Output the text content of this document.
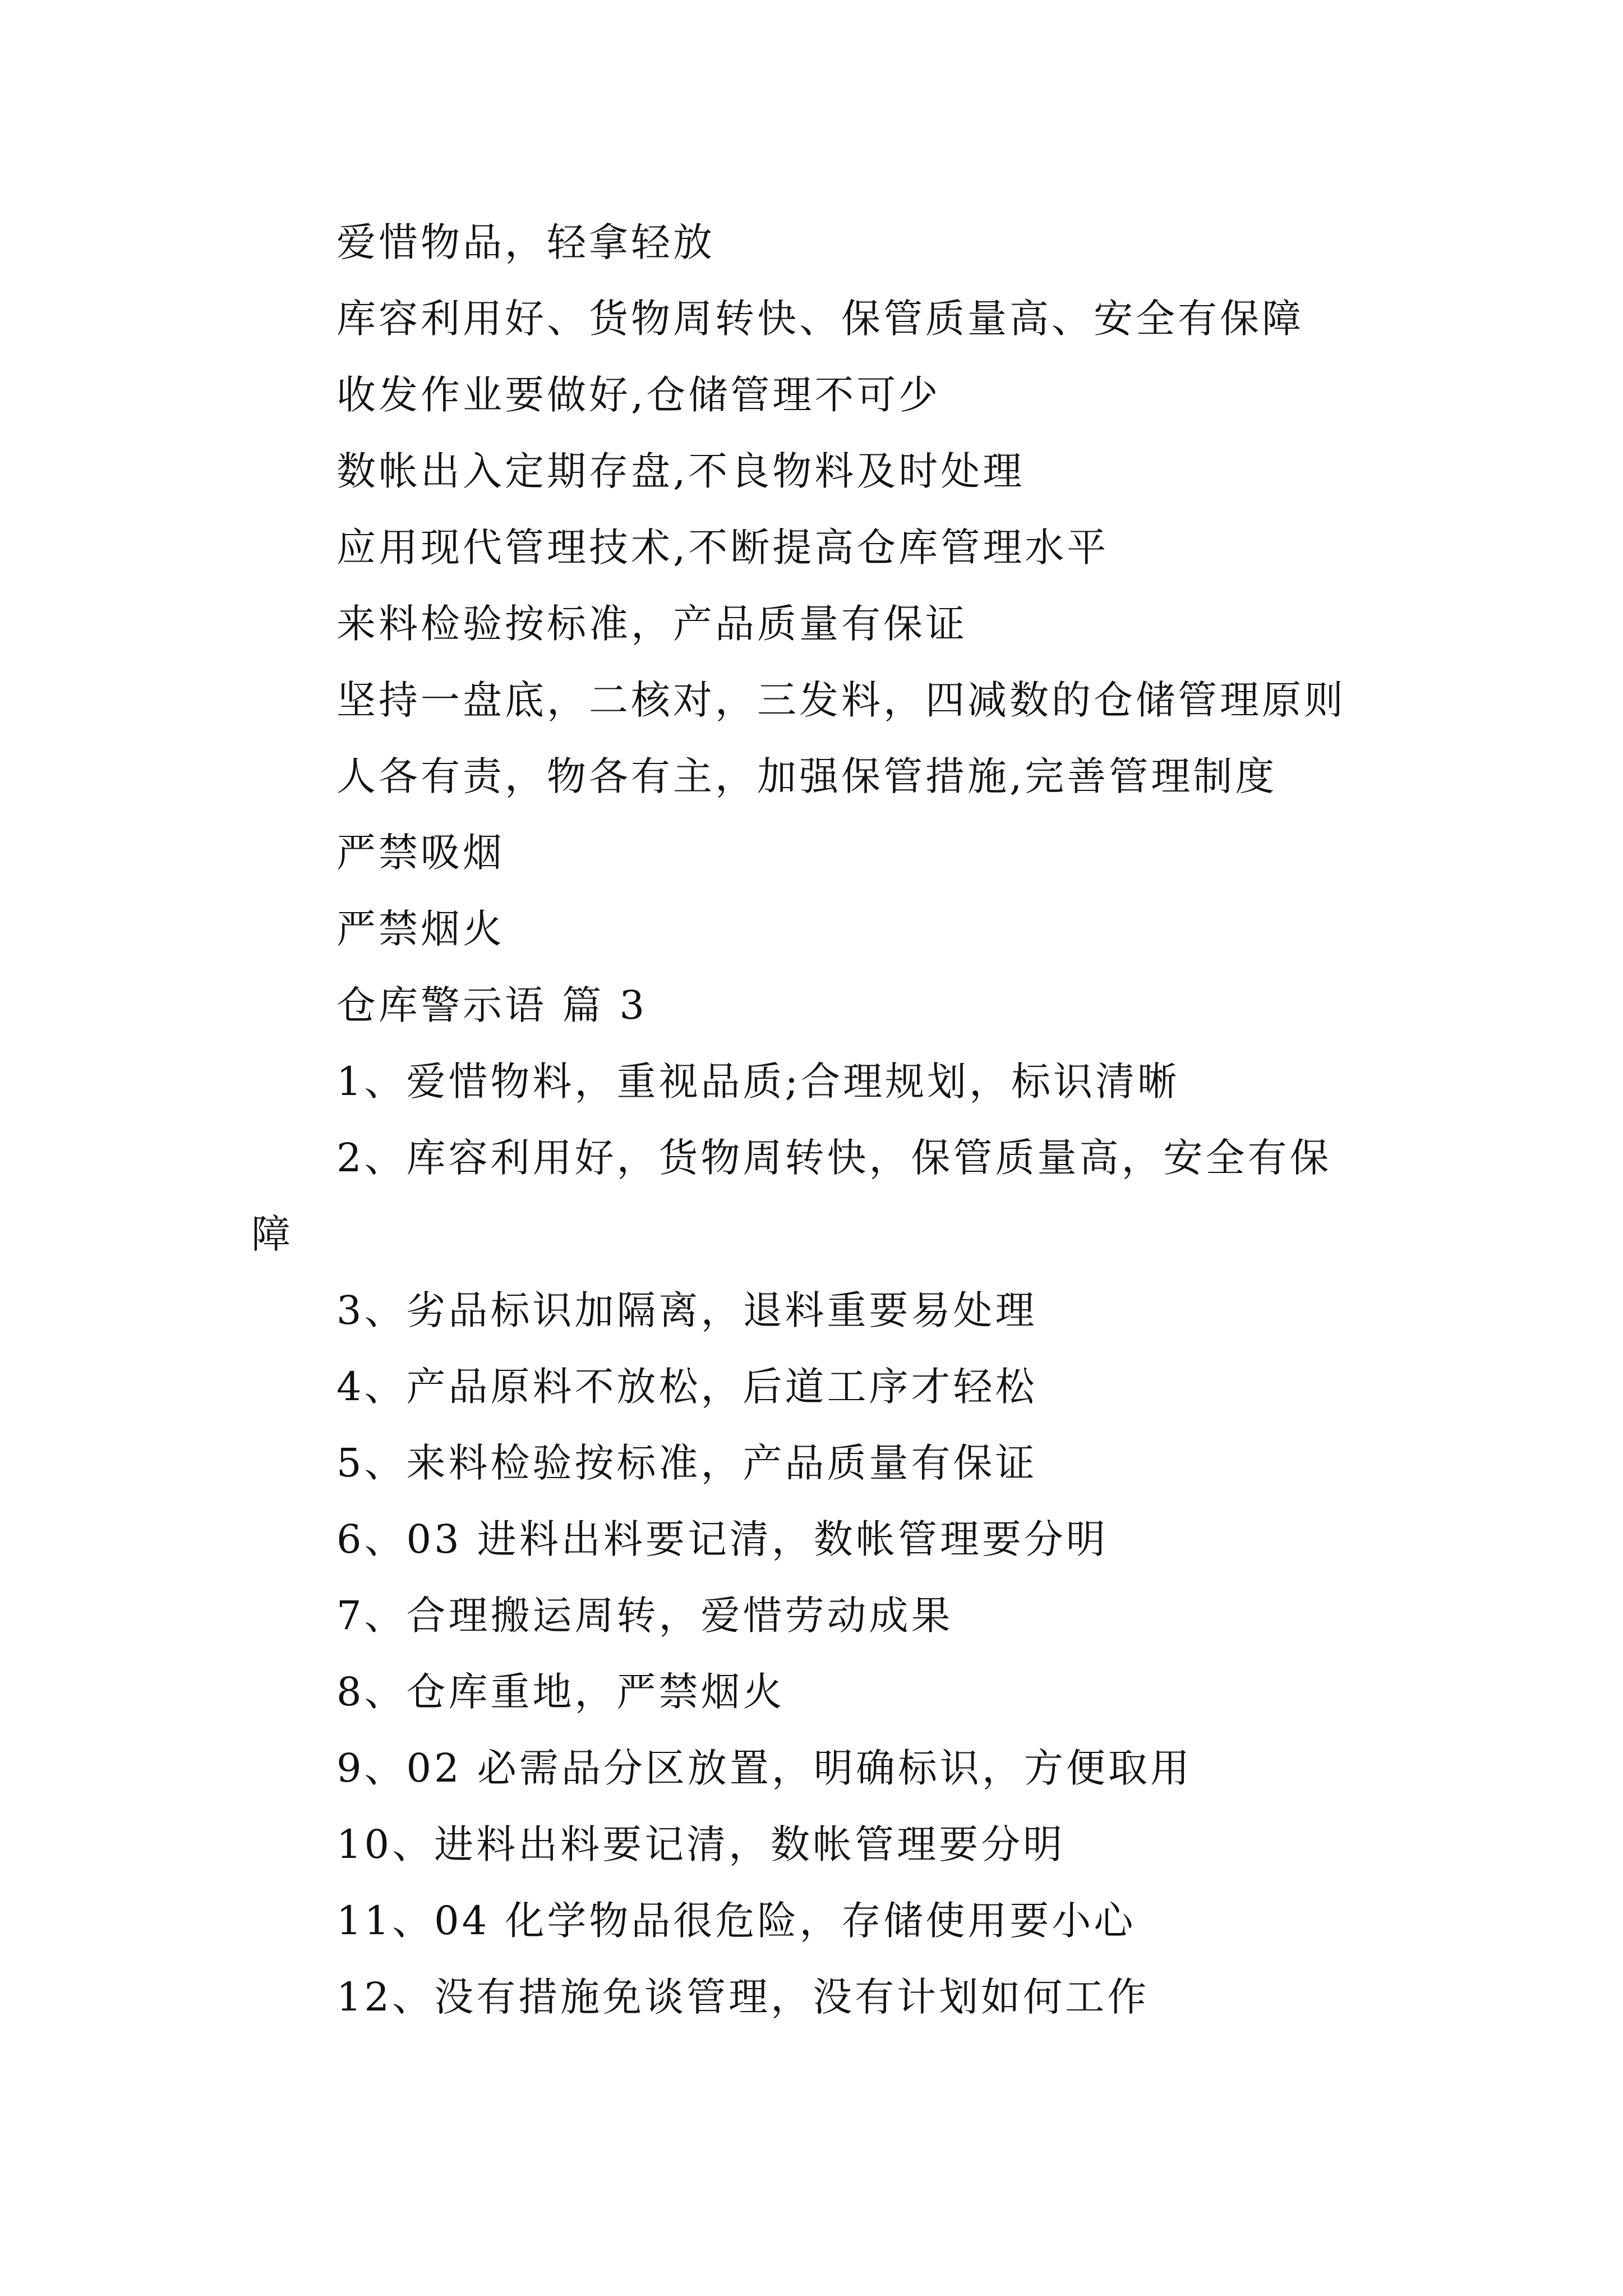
爱惜物品，轻拿轻放
库容利用好、货物周转快、保管质量高、安全有保障
收发作业要做好,仓储管理不可少
数帐出入定期存盘,不良物料及时处理
应用现代管理技术,不断提高仓库管理水平
来料检验按标准，产品质量有保证
坚持一盘底，二核对，三发料，四减数的仓储管理原则
人各有责，物各有主，加强保管措施,完善管理制度
严禁吸烟
严禁烟火
仓库警示语 篇 3
1、爱惜物料，重视品质;合理规划，标识清晰
2、库容利用好，货物周转快，保管质量高，安全有保
障
3、劣品标识加隔离，退料重要易处理
4、产品原料不放松，后道工序才轻松
5、来料检验按标准，产品质量有保证
6、03 进料出料要记清，数帐管理要分明
7、合理搬运周转，爱惜劳动成果
8、仓库重地，严禁烟火
9、02 必需品分区放置，明确标识，方便取用
10、进料出料要记清，数帐管理要分明
11、04 化学物品很危险，存储使用要小心
12、没有措施免谈管理，没有计划如何工作
